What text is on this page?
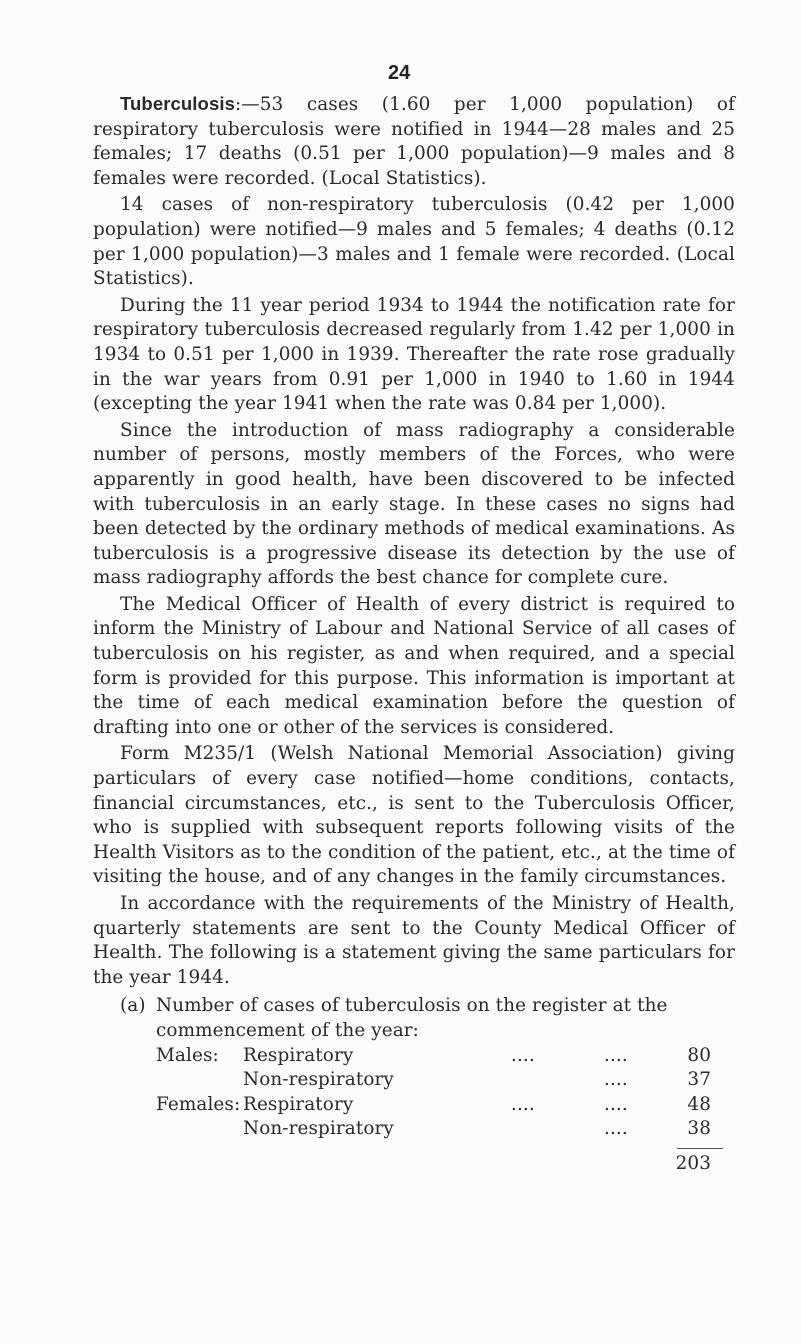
24

Tuberculosis:—53 cases (1.60 per 1,000 population) of respiratory tuberculosis were notified in 1944—28 males and 25 females; 17 deaths (0.51 per 1,000 population)—9 males and 8 females were recorded. (Local Statistics).

14 cases of non-respiratory tuberculosis (0.42 per 1,000 population) were notified—9 males and 5 females; 4 deaths (0.12 per 1,000 population)—3 males and 1 female were recorded. (Local Statistics).

During the 11 year period 1934 to 1944 the notification rate for respiratory tuberculosis decreased regularly from 1.42 per 1,000 in 1934 to 0.51 per 1,000 in 1939. Thereafter the rate rose gradually in the war years from 0.91 per 1,000 in 1940 to 1.60 in 1944 (excepting the year 1941 when the rate was 0.84 per 1,000).

Since the introduction of mass radiography a considerable number of persons, mostly members of the Forces, who were apparently in good health, have been discovered to be infected with tuberculosis in an early stage. In these cases no signs had been detected by the ordinary methods of medical examinations. As tuberculosis is a progressive disease its detection by the use of mass radiography affords the best chance for complete cure.

The Medical Officer of Health of every district is required to inform the Ministry of Labour and National Service of all cases of tuberculosis on his register, as and when required, and a special form is provided for this purpose. This information is important at the time of each medical examination before the question of drafting into one or other of the services is considered.

Form M235/1 (Welsh National Memorial Association) giving particulars of every case notified—home conditions, contacts, financial circumstances, etc., is sent to the Tuberculosis Officer, who is supplied with subsequent reports following visits of the Health Visitors as to the condition of the patient, etc., at the time of visiting the house, and of any changes in the family circumstances.

In accordance with the requirements of the Ministry of Health, quarterly statements are sent to the County Medical Officer of Health. The following is a statement giving the same particulars for the year 1944.

(a) Number of cases of tuberculosis on the register at the
commencement of the year:
Males: Respiratory	....	....	80
Non-respiratory	....	37
Females: Respiratory	....	....	48
Non-respiratory	....	38
203
